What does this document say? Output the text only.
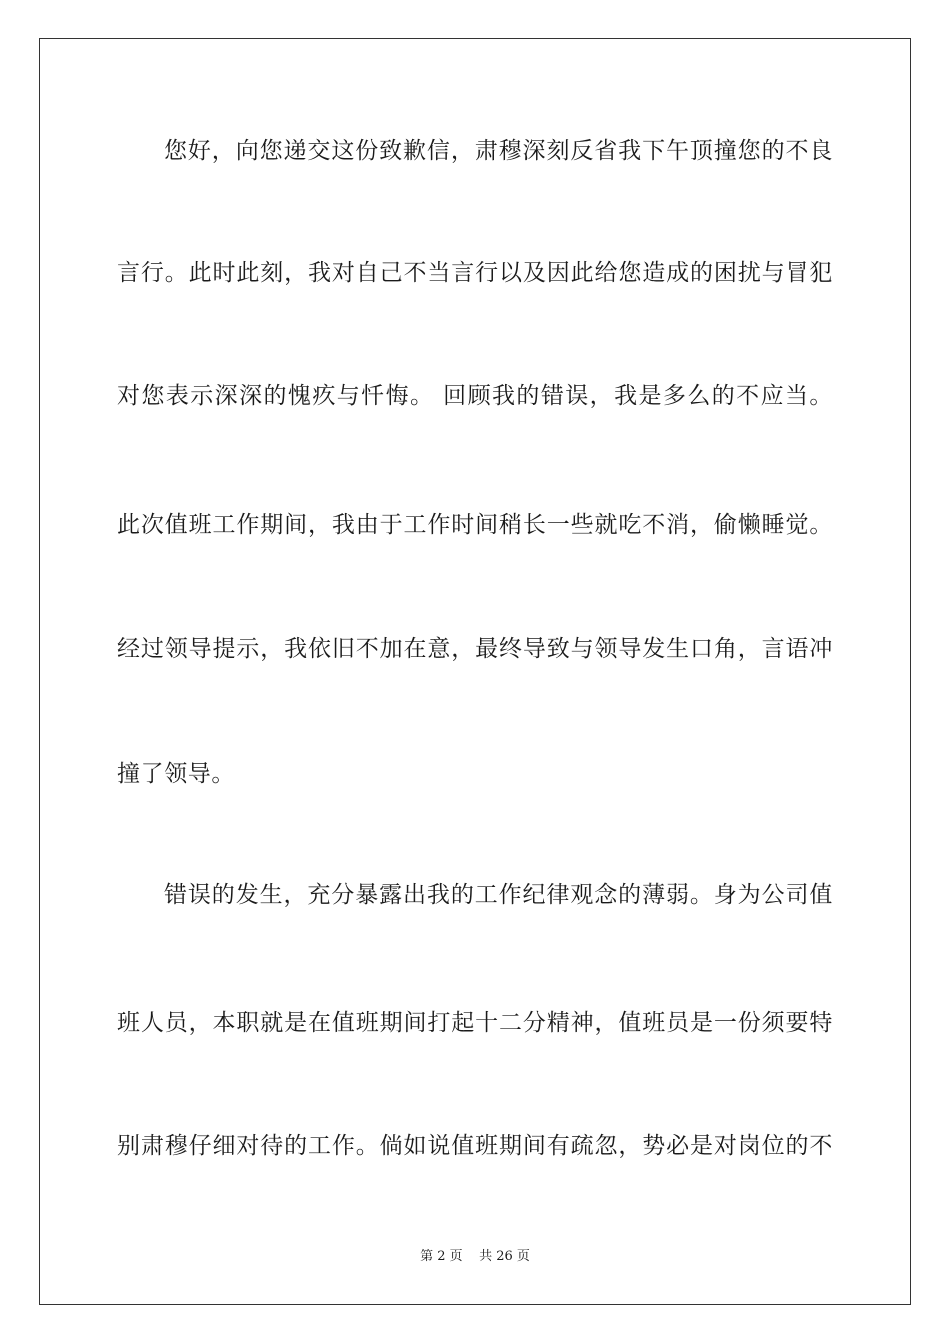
您好，向您递交这份致歉信，肃穆深刻反省我下午顶撞您的不良
言行。此时此刻，我对自己不当言行以及因此给您造成的困扰与冒犯
对您表示深深的愧疚与忏悔。 回顾我的错误，我是多么的不应当。
此次值班工作期间，我由于工作时间稍长一些就吃不消，偷懒睡觉。
经过领导提示，我依旧不加在意，最终导致与领导发生口角，言语冲
撞了领导。
错误的发生，充分暴露出我的工作纪律观念的薄弱。身为公司值
班人员，本职就是在值班期间打起十二分精神，值班员是一份须要特
别肃穆仔细对待的工作。倘如说值班期间有疏忽，势必是对岗位的不
第 2 页    共 26 页
